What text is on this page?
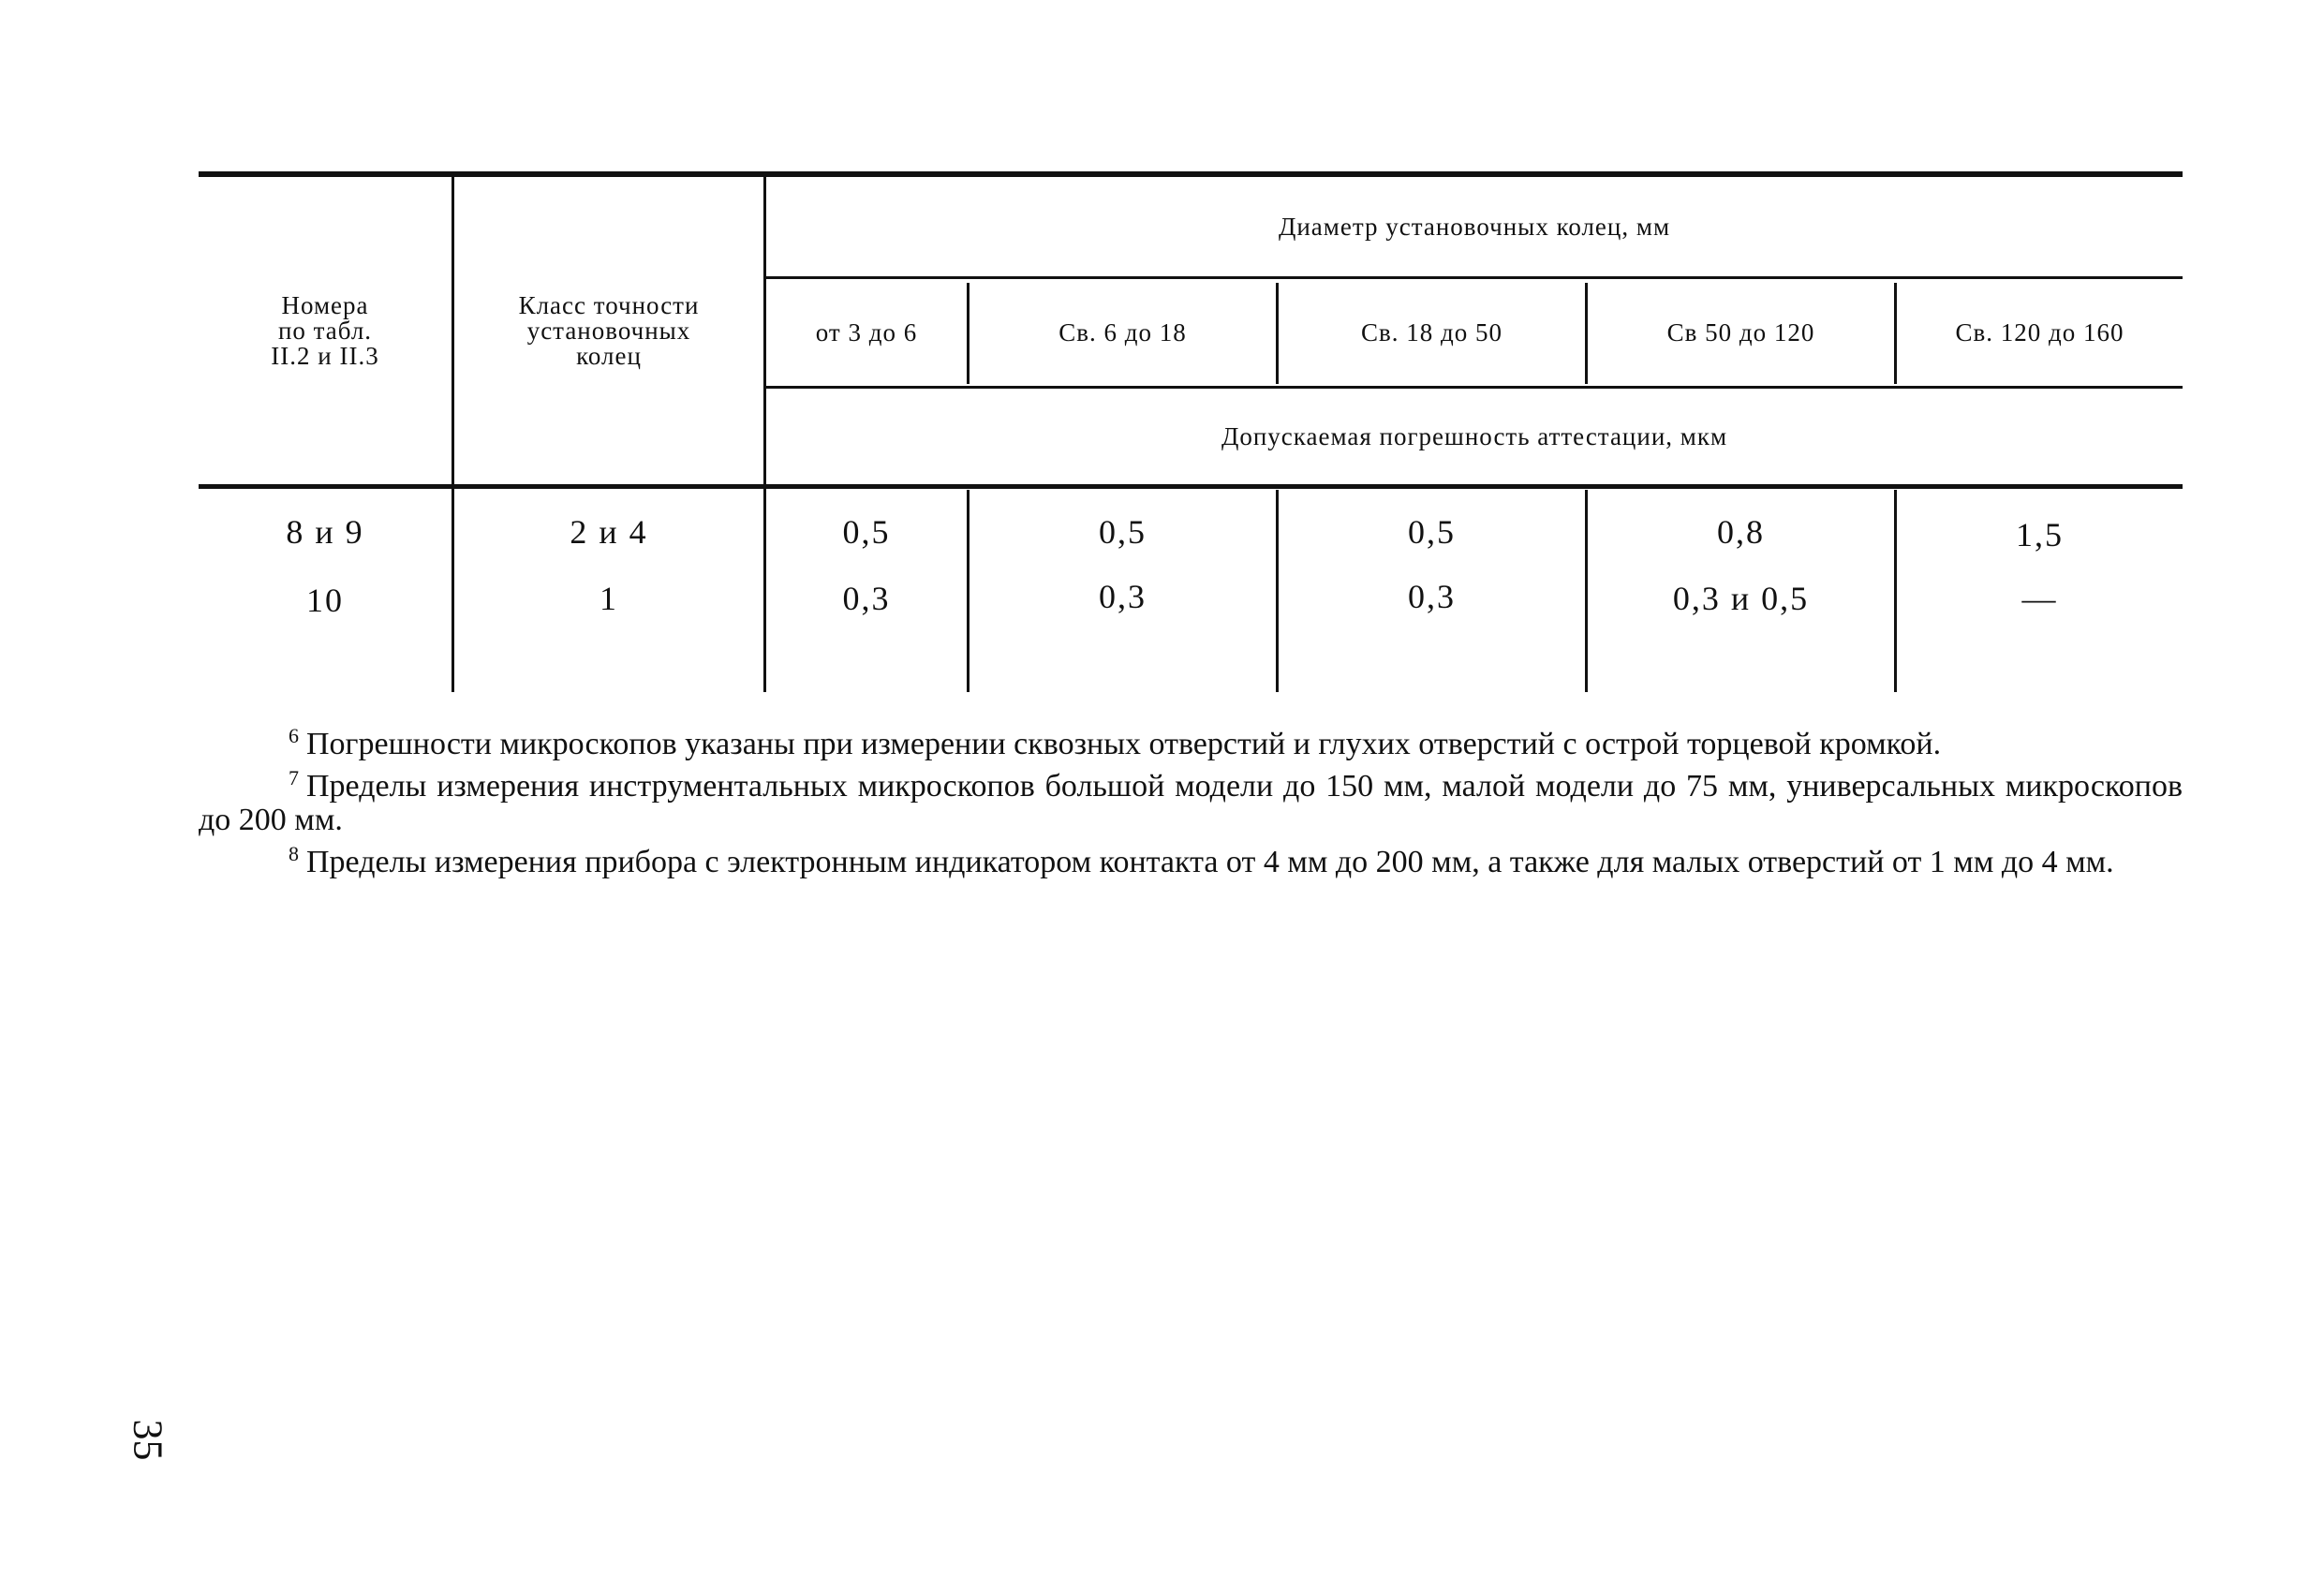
Номера
по табл.
II.2 и II.3
Класс точности
установочных
колец
Диаметр установочных колец, мм
от 3 до 6	Св. 6 до 18	Св. 18 до 50	Св 50 до 120	Св. 120 до 160
Допускаемая погрешность аттестации, мкм
8 и 9	2 и 4	0,5	0,5	0,5	0,8	1,5
10	1	0,3	0,3	0,3	0,3 и 0,5	—

$^6$ Погрешности микроскопов указаны при измерении сквозных отверстий и глухих отверстий с острой торцевой кромкой.

$^7$ Пределы измерения инструментальных микроскопов большой модели до 150 мм, малой модели до 75 мм, универсальных микроскопов до 200 мм.

$^8$ Пределы измерения прибора с электронным индикатором контакта от 4 мм до 200 мм, а также для малых отверстий от 1 мм до 4 мм.

35
